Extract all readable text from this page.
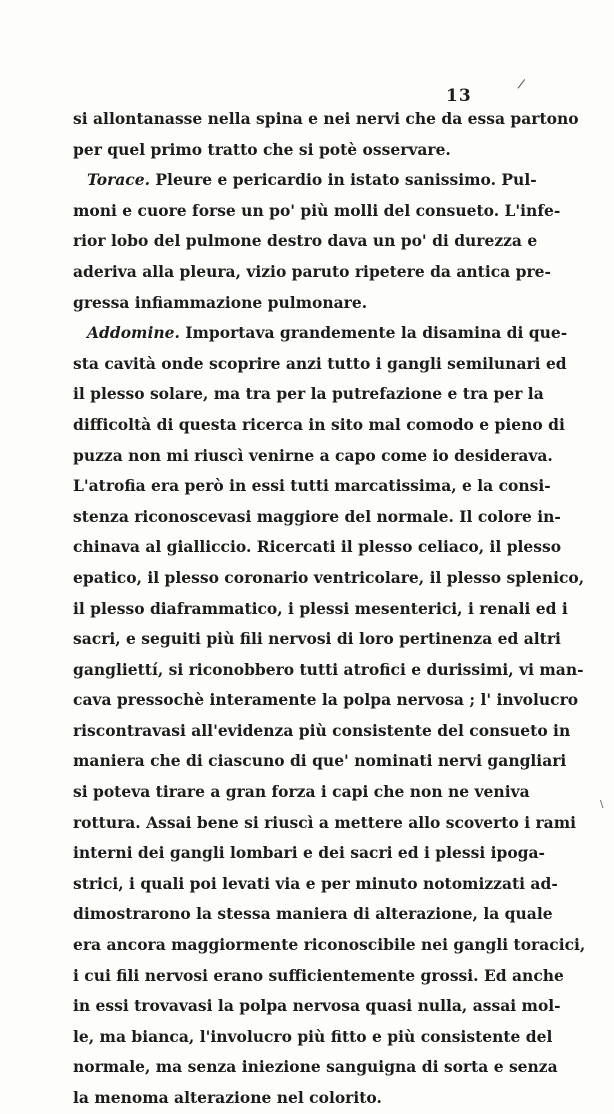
/
\
13
si allontanasse nella spina e nei nervi che da essa partono
per quel primo tratto che si potè osservare.
Torace. Pleure e pericardio in istato sanissimo. Pul-
moni e cuore forse un po' più molli del consueto. L'infe-
rior lobo del pulmone destro dava un po' di durezza e
aderiva alla pleura, vizio paruto ripetere da antica pre-
gressa infiammazione pulmonare.
Addomine. Importava grandemente la disamina di que-
sta cavità onde scoprire anzi tutto i gangli semilunari ed
il plesso solare, ma tra per la putrefazione e tra per la
difficoltà di questa ricerca in sito mal comodo e pieno di
puzza non mi riuscì venirne a capo come io desiderava.
L'atrofia era però in essi tutti marcatissima, e la consi-
stenza riconoscevasi maggiore del normale. Il colore in-
chinava al gialliccio. Ricercati il plesso celiaco, il plesso
epatico, il plesso coronario ventricolare, il plesso splenico,
il plesso diaframmatico, i plessi mesenterici, i renali ed i
sacri, e seguiti più fili nervosi di loro pertinenza ed altri
gangliettí, si riconobbero tutti atrofici e durissimi, vi man-
cava pressochè interamente la polpa nervosa ; l' involucro
riscontravasi all'evidenza più consistente del consueto in
maniera che di ciascuno di que' nominati nervi gangliari
si poteva tirare a gran forza i capi che non ne veniva
rottura. Assai bene si riuscì a mettere allo scoverto i rami
interni dei gangli lombari e dei sacri ed i plessi ipoga-
strici, i quali poi levati via e per minuto notomizzati ad-
dimostrarono la stessa maniera di alterazione, la quale
era ancora maggiormente riconoscibile nei gangli toracici,
i cui fili nervosi erano sufficientemente grossi. Ed anche
in essi trovavasi la polpa nervosa quasi nulla, assai mol-
le, ma bianca, l'involucro più fitto e più consistente del
normale, ma senza iniezione sanguigna di sorta e senza
la menoma alterazione nel colorito.
